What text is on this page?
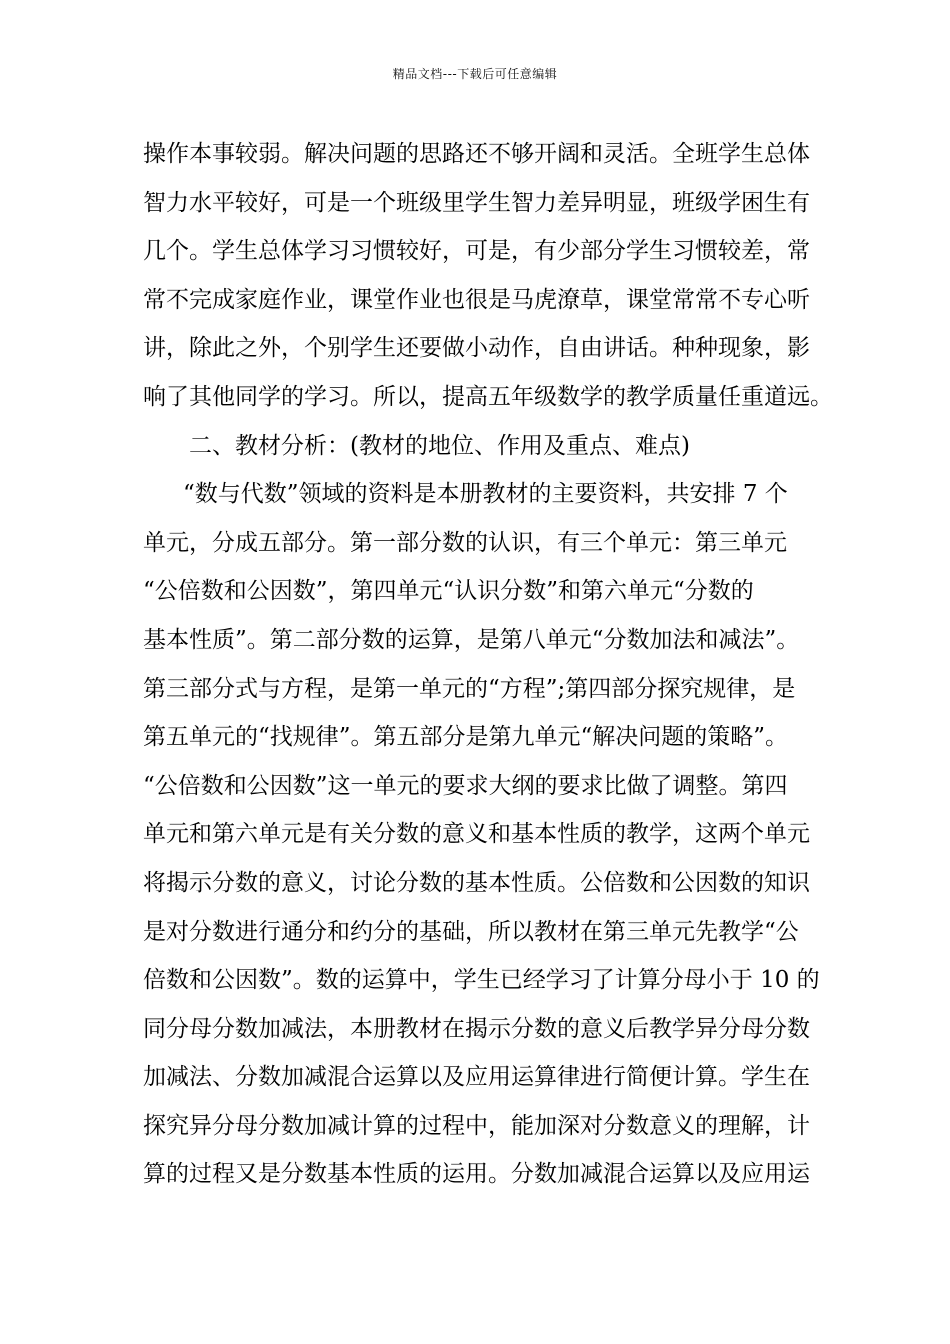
精品文档---下载后可任意编辑
操作本事较弱。解决问题的思路还不够开阔和灵活。全班学生总体
智力水平较好，可是一个班级里学生智力差异明显，班级学困生有
几个。学生总体学习习惯较好，可是，有少部分学生习惯较差，常
常不完成家庭作业，课堂作业也很是马虎潦草，课堂常常不专心听
讲，除此之外，个别学生还要做小动作，自由讲话。种种现象，影
响了其他同学的学习。所以，提高五年级数学的教学质量任重道远。
二、教材分析：(教材的地位、作用及重点、难点)
“数与代数”领域的资料是本册教材的主要资料，共安排 7 个
单元，分成五部分。第一部分数的认识，有三个单元：第三单元
“公倍数和公因数”，第四单元“认识分数”和第六单元“分数的
基本性质”。第二部分数的运算，是第八单元“分数加法和减法”。
第三部分式与方程，是第一单元的“方程”;第四部分探究规律，是
第五单元的“找规律”。第五部分是第九单元“解决问题的策略”。
“公倍数和公因数”这一单元的要求大纲的要求比做了调整。第四
单元和第六单元是有关分数的意义和基本性质的教学，这两个单元
将揭示分数的意义，讨论分数的基本性质。公倍数和公因数的知识
是对分数进行通分和约分的基础，所以教材在第三单元先教学“公
倍数和公因数”。数的运算中，学生已经学习了计算分母小于 10 的
同分母分数加减法，本册教材在揭示分数的意义后教学异分母分数
加减法、分数加减混合运算以及应用运算律进行简便计算。学生在
探究异分母分数加减计算的过程中，能加深对分数意义的理解，计
算的过程又是分数基本性质的运用。分数加减混合运算以及应用运
